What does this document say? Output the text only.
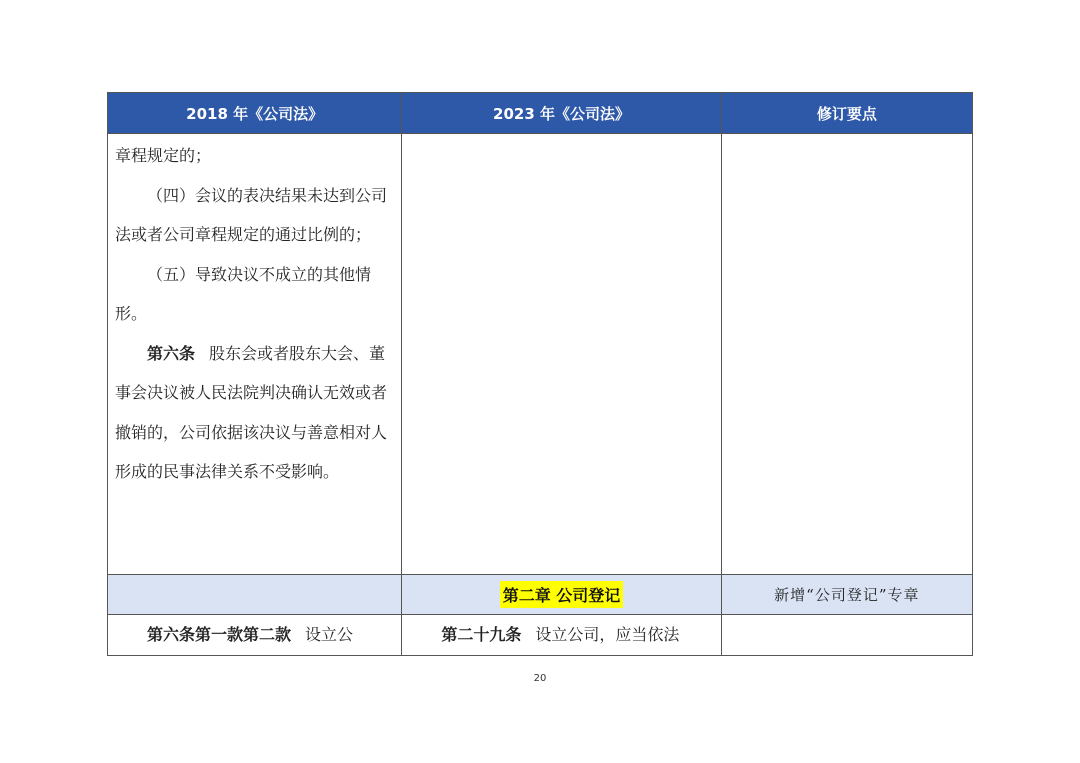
2018 年《公司法》	2023 年《公司法》	修订要点

章程规定的；

（四）会议的表决结果未达到公司法或者公司章程规定的通过比例的；

（五）导致决议不成立的其他情形。

第六条 股东会或者股东大会、董事会决议被人民法院判决确认无效或者撤销的，公司依据该决议与善意相对人形成的民事法律关系不受影响。		

	第二章 公司登记	新增“公司登记”专章

第六条第一款第二款 设立公	第二十九条 设立公司，应当依法	

20
